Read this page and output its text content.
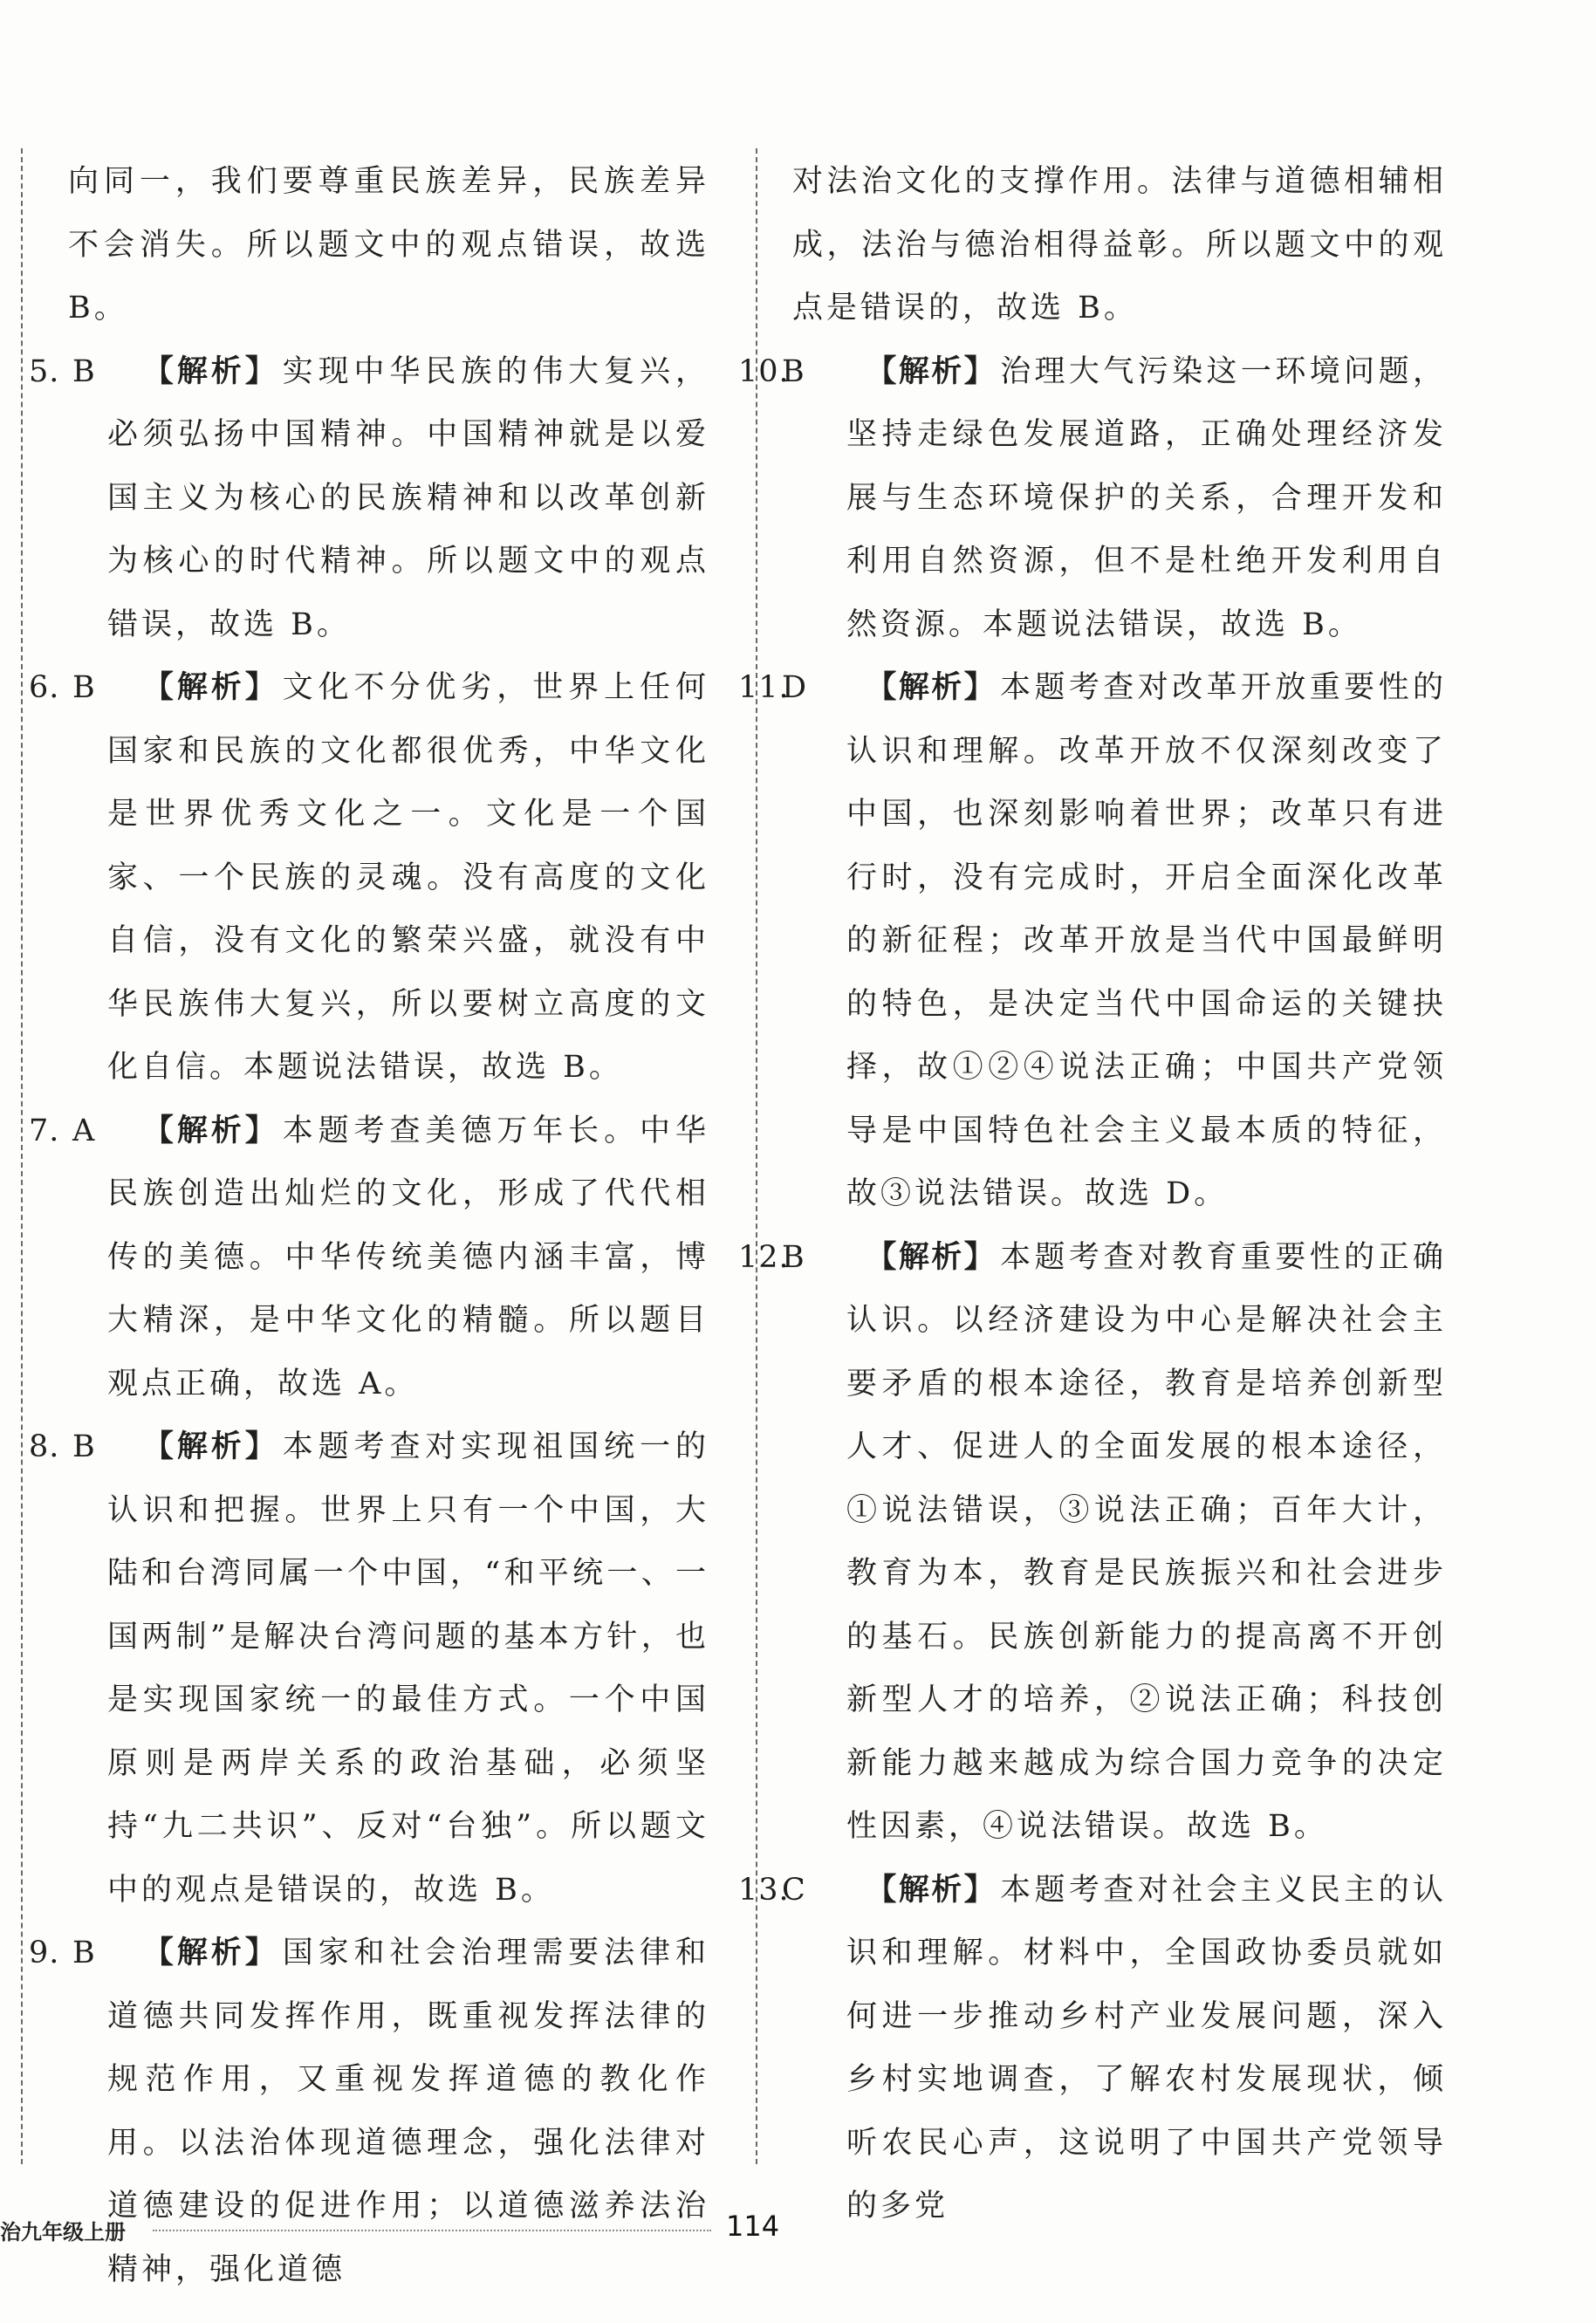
向同一，我们要尊重民族差异，民族差异不会消失。所以题文中的观点错误，故选 B。

5. B 【解析】 实现中华民族的伟大复兴，必须弘扬中国精神。中国精神就是以爱国主义为核心的民族精神和以改革创新为核心的时代精神。所以题文中的观点错误，故选 B。

6. B 【解析】 文化不分优劣，世界上任何国家和民族的文化都很优秀，中华文化是世界优秀文化之一。文化是一个国家、一个民族的灵魂。没有高度的文化自信，没有文化的繁荣兴盛，就没有中华民族伟大复兴，所以要树立高度的文化自信。本题说法错误，故选 B。

7. A 【解析】 本题考查美德万年长。中华民族创造出灿烂的文化，形成了代代相传的美德。中华传统美德内涵丰富，博大精深，是中华文化的精髓。所以题目观点正确，故选 A。

8. B 【解析】 本题考查对实现祖国统一的认识和把握。世界上只有一个中国，大陆和台湾同属一个中国，“和平统一、一国两制”是解决台湾问题的基本方针，也是实现国家统一的最佳方式。一个中国原则是两岸关系的政治基础，必须坚持“九二共识”、反对“台独”。所以题文中的观点是错误的，故选 B。

9. B 【解析】 国家和社会治理需要法律和道德共同发挥作用，既重视发挥法律的规范作用，又重视发挥道德的教化作用。以法治体现道德理念，强化法律对道德建设的促进作用；以道德滋养法治精神，强化道德

对法治文化的支撑作用。法律与道德相辅相成，法治与德治相得益彰。所以题文中的观点是错误的，故选 B。

10.B 【解析】 治理大气污染这一环境问题，坚持走绿色发展道路，正确处理经济发展与生态环境保护的关系，合理开发和利用自然资源，但不是杜绝开发利用自然资源。本题说法错误，故选 B。

11.D 【解析】 本题考查对改革开放重要性的认识和理解。改革开放不仅深刻改变了中国，也深刻影响着世界；改革只有进行时，没有完成时，开启全面深化改革的新征程；改革开放是当代中国最鲜明的特色，是决定当代中国命运的关键抉择，故①②④说法正确；中国共产党领导是中国特色社会主义最本质的特征，故③说法错误。故选 D。

12.B 【解析】 本题考查对教育重要性的正确认识。以经济建设为中心是解决社会主要矛盾的根本途径，教育是培养创新型人才、促进人的全面发展的根本途径，①说法错误，③说法正确；百年大计，教育为本，教育是民族振兴和社会进步的基石。民族创新能力的提高离不开创新型人才的培养，②说法正确；科技创新能力越来越成为综合国力竞争的决定性因素，④说法错误。故选 B。

13.C 【解析】 本题考查对社会主义民主的认识和理解。材料中，全国政协委员就如何进一步推动乡村产业发展问题，深入乡村实地调查，了解农村发展现状，倾听农民心声，这说明了中国共产党领导的多党

治九年级上册	114
